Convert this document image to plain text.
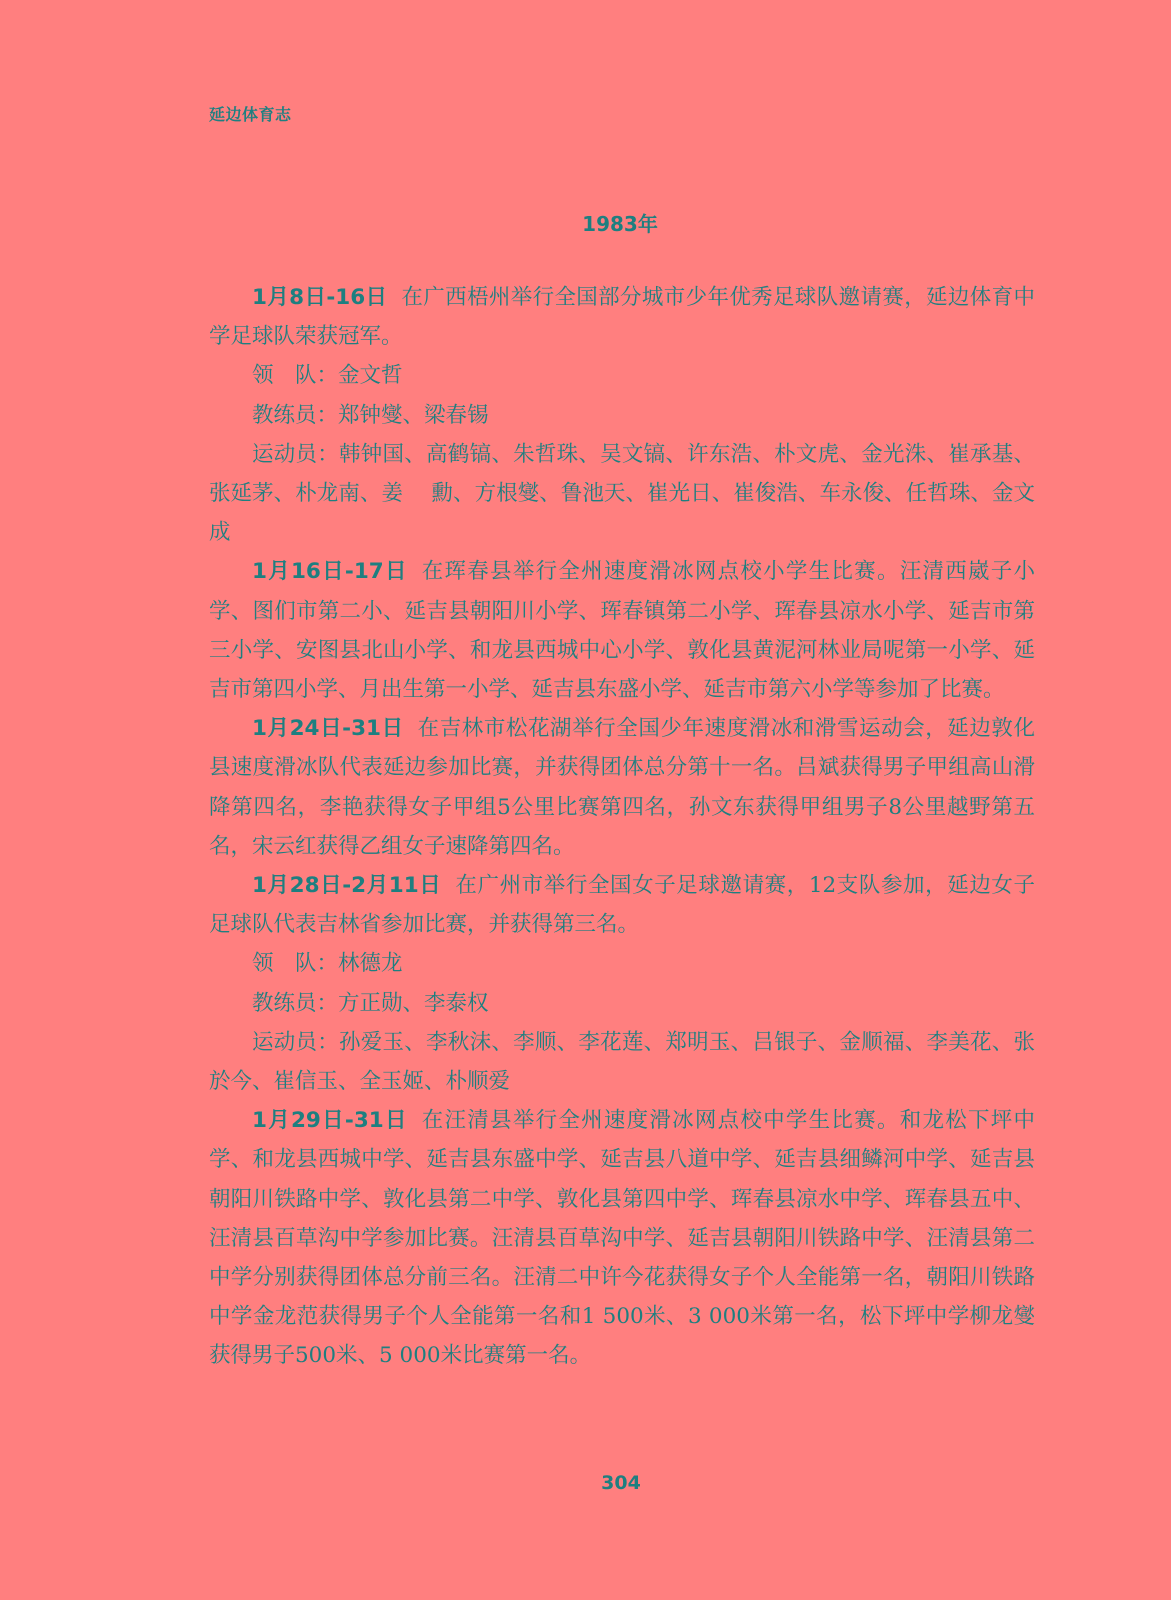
延边体育志
1983年

1月8日-16日 在广西梧州举行全国部分城市少年优秀足球队邀请赛，延边体育中学足球队荣获冠军。

领　队：金文哲

教练员：郑钟燮、梁春锡

运动员：韩钟国、高鹤镐、朱哲珠、吴文镐、许东浩、朴文虎、金光洙、崔承基、张延茅、朴龙南、姜　 勳、方根燮、鲁池天、崔光日、崔俊浩、车永俊、任哲珠、金文成

1月16日-17日 在珲春县举行全州速度滑冰网点校小学生比赛。汪清西崴子小学、图们市第二小、延吉县朝阳川小学、珲春镇第二小学、珲春县凉水小学、延吉市第三小学、安图县北山小学、和龙县西城中心小学、敦化县黄泥河林业局呢第一小学、延吉市第四小学、月出生第一小学、延吉县东盛小学、延吉市第六小学等参加了比赛。

1月24日-31日 在吉林市松花湖举行全国少年速度滑冰和滑雪运动会，延边敦化县速度滑冰队代表延边参加比赛，并获得团体总分第十一名。吕斌获得男子甲组高山滑降第四名，李艳获得女子甲组5公里比赛第四名，孙文东获得甲组男子8公里越野第五名，宋云红获得乙组女子速降第四名。

1月28日-2月11日 在广州市举行全国女子足球邀请赛，12支队参加，延边女子足球队代表吉林省参加比赛，并获得第三名。

领　队：林德龙

教练员：方正勋、李泰权

运动员：孙爱玉、李秋沫、李顺、李花莲、郑明玉、吕银子、金顺福、李美花、张於今、崔信玉、全玉姬、朴顺爱

1月29日-31日 在汪清县举行全州速度滑冰网点校中学生比赛。和龙松下坪中学、和龙县西城中学、延吉县东盛中学、延吉县八道中学、延吉县细鳞河中学、延吉县朝阳川铁路中学、敦化县第二中学、敦化县第四中学、珲春县凉水中学、珲春县五中、汪清县百草沟中学参加比赛。汪清县百草沟中学、延吉县朝阳川铁路中学、汪清县第二中学分别获得团体总分前三名。汪清二中许今花获得女子个人全能第一名，朝阳川铁路中学金龙范获得男子个人全能第一名和1 500米、3 000米第一名，松下坪中学柳龙燮获得男子500米、5 000米比赛第一名。

304
